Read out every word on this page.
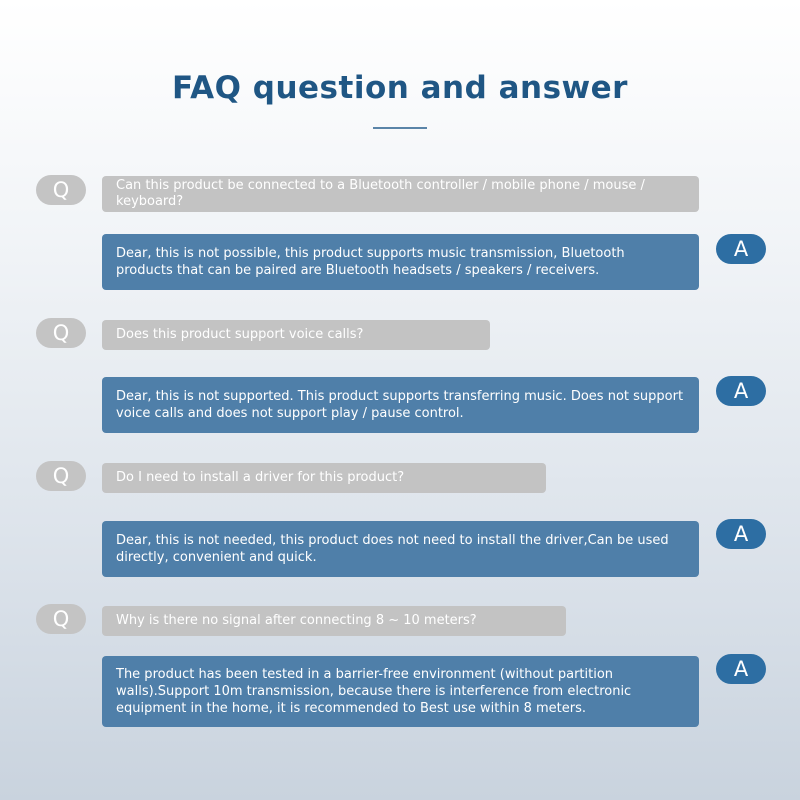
FAQ question and answer
Q	Can this product be connected to a Bluetooth controller / mobile phone / mouse / keyboard?
A
Dear, this is not possible, this product supports music transmission, Bluetooth products that can be paired are Bluetooth headsets / speakers / receivers.
Q	Does this product support voice calls?
A
Dear, this is not supported. This product supports transferring music. Does not support voice calls and does not support play / pause control.
Q	Do I need to install a driver for this product?
A
Dear, this is not needed, this product does not need to install the driver,Can be used directly, convenient and quick.
Q	Why is there no signal after connecting 8 ~ 10 meters?
A
The product has been tested in a barrier-free environment (without partition walls).Support 10m transmission, because there is interference from electronic equipment in the home, it is recommended to Best use within 8 meters.
